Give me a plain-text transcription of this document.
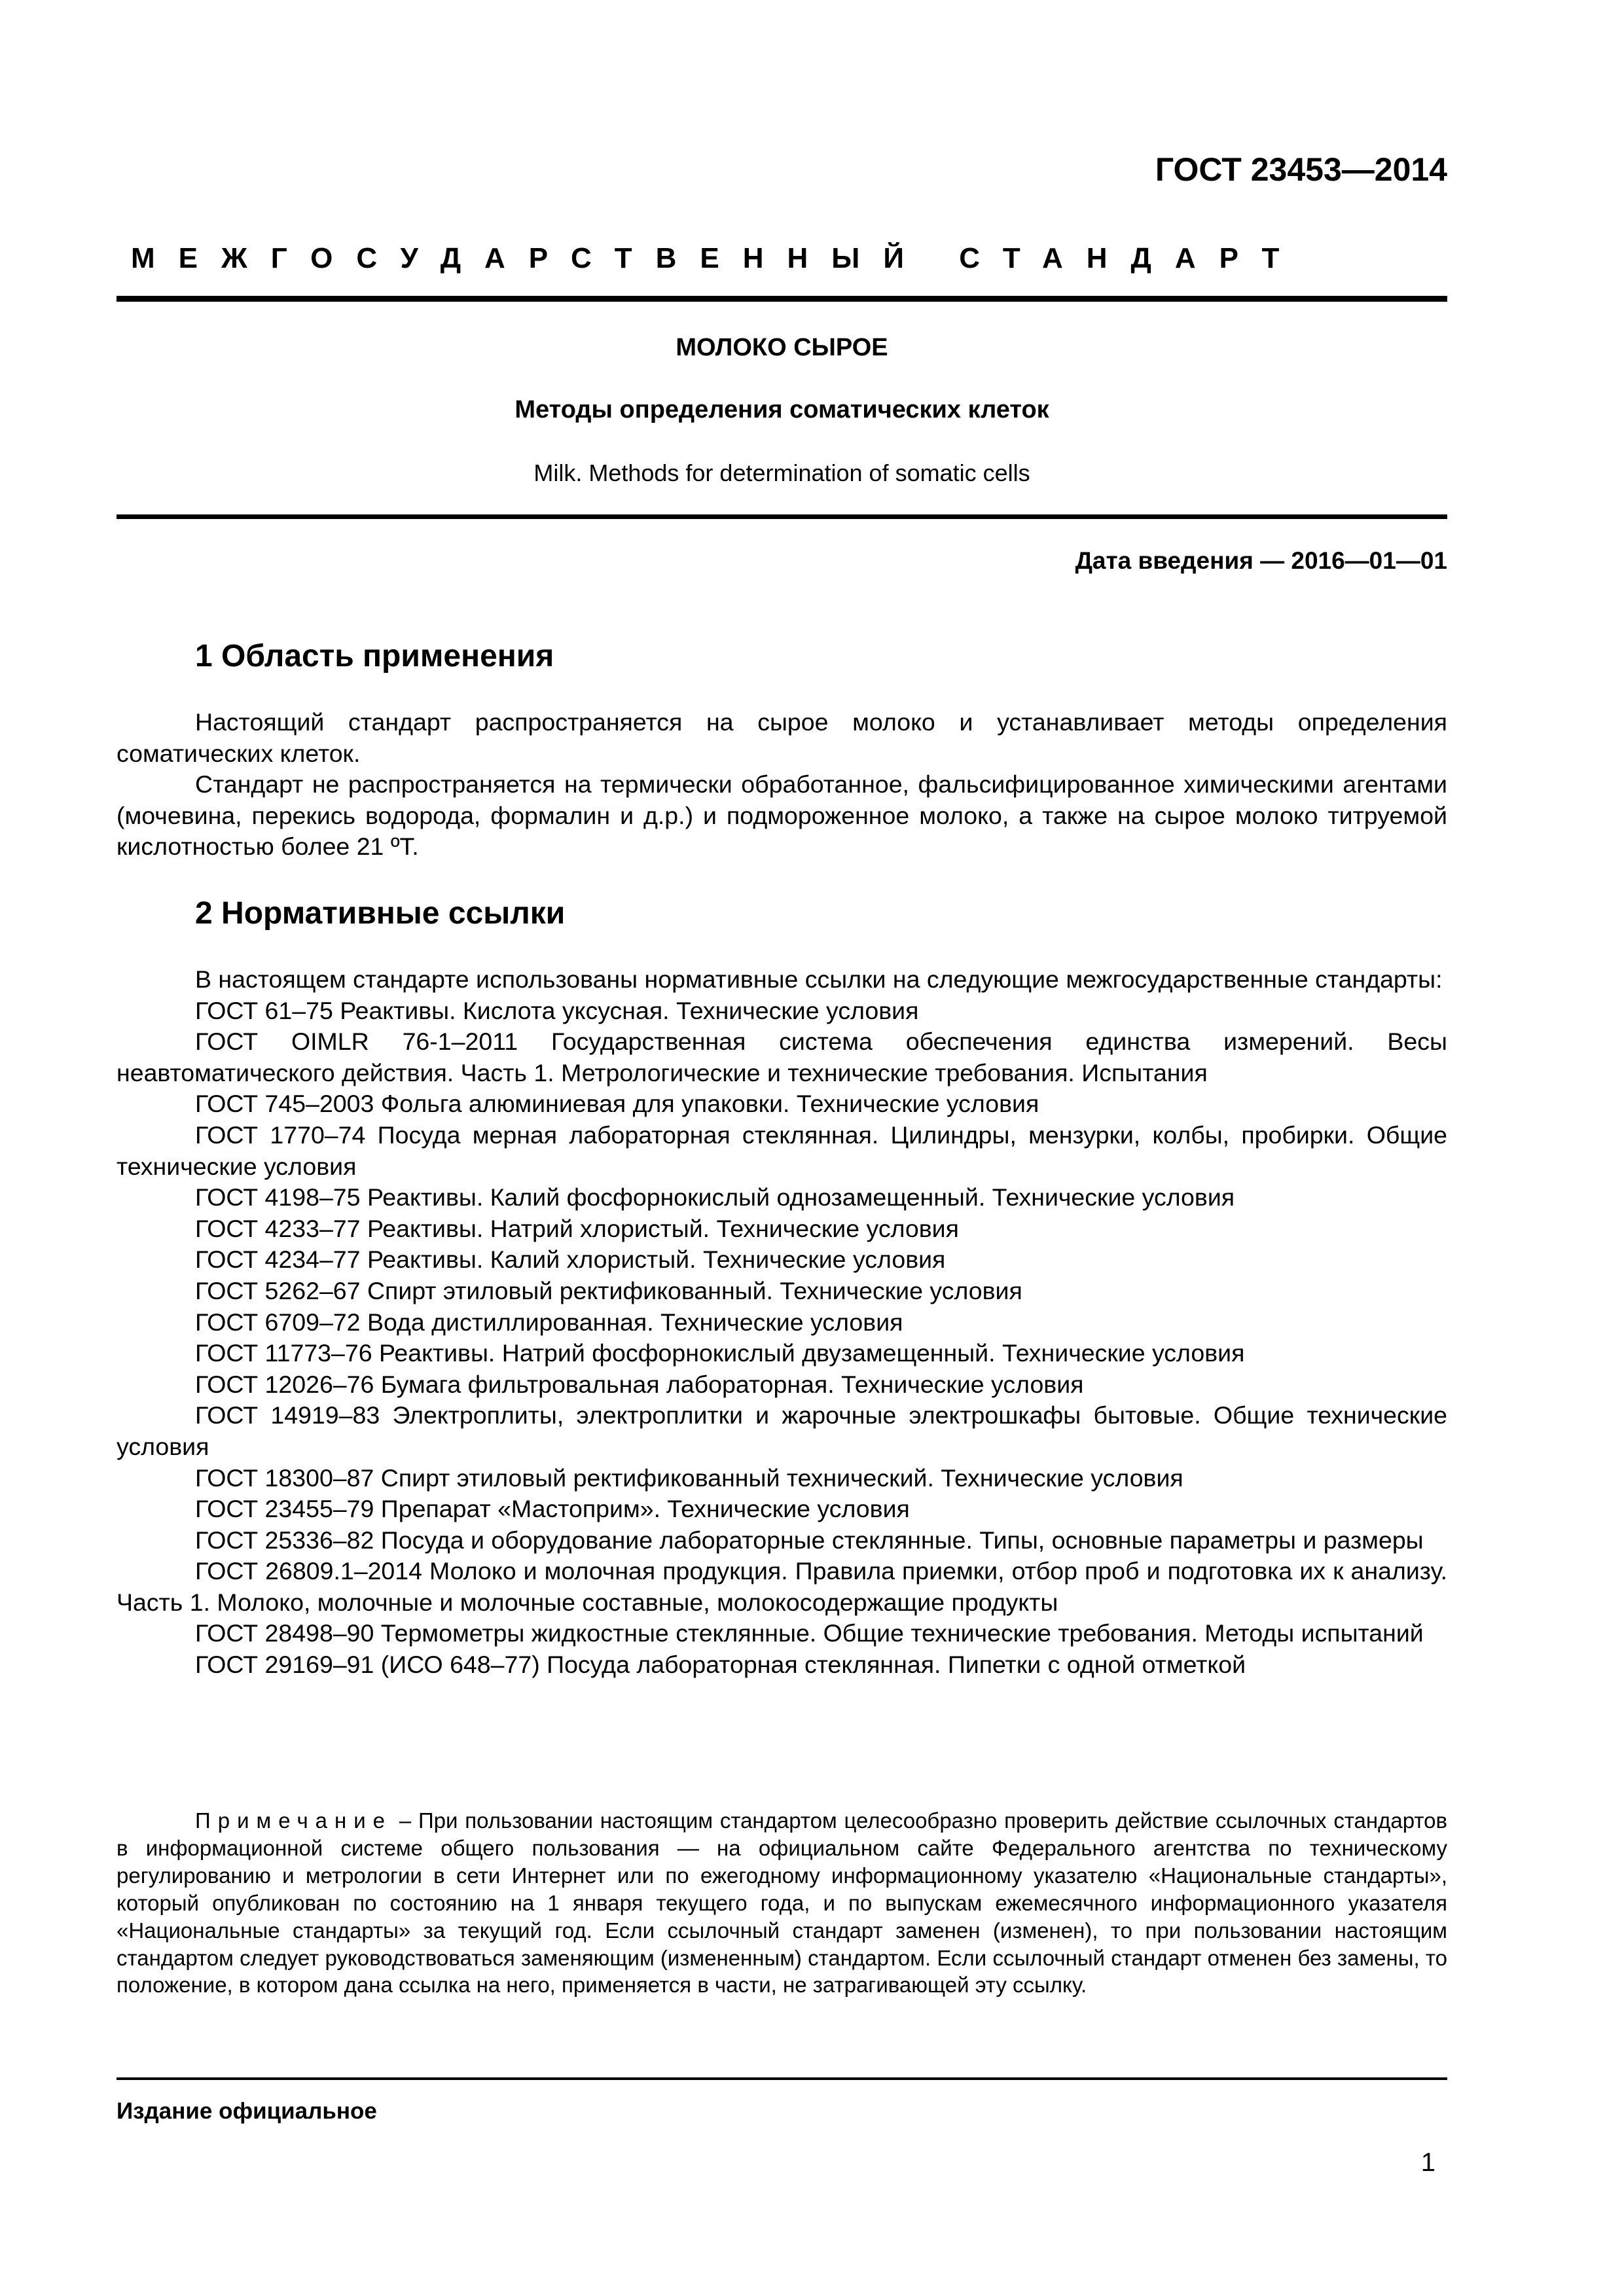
ГОСТ 23453—2014
МЕЖГОСУДАРСТВЕННЫЙ СТАНДАРТ
МОЛОКО СЫРОЕ
Методы определения соматических клеток
Milk. Methods for determination of somatic cells
Дата введения — 2016—01—01
1 Область применения

Настоящий стандарт распространяется на сырое молоко и устанавливает методы определения соматических клеток.

Стандарт не распространяется на термически обработанное, фальсифицированное химическими агентами (мочевина, перекись водорода, формалин и д.р.) и подмороженное молоко, а также на сырое молоко титруемой кислотностью более 21 ºТ.

2 Нормативные ссылки

В настоящем стандарте использованы нормативные ссылки на следующие межгосударственные стандарты:

ГОСТ 61–75 Реактивы. Кислота уксусная. Технические условия

ГОСТ OIMLR 76-1–2011 Государственная система обеспечения единства измерений. Весы неавтоматического действия. Часть 1. Метрологические и технические требования. Испытания

ГОСТ 745–2003 Фольга алюминиевая для упаковки. Технические условия

ГОСТ 1770–74 Посуда мерная лабораторная стеклянная. Цилиндры, мензурки, колбы, пробирки. Общие технические условия

ГОСТ 4198–75 Реактивы. Калий фосфорнокислый однозамещенный. Технические условия

ГОСТ 4233–77 Реактивы. Натрий хлористый. Технические условия

ГОСТ 4234–77 Реактивы. Калий хлористый. Технические условия

ГОСТ 5262–67 Спирт этиловый ректификованный. Технические условия

ГОСТ 6709–72 Вода дистиллированная. Технические условия

ГОСТ 11773–76 Реактивы. Натрий фосфорнокислый двузамещенный. Технические условия

ГОСТ 12026–76 Бумага фильтровальная лабораторная. Технические условия

ГОСТ 14919–83 Электроплиты, электроплитки и жарочные электрошкафы бытовые. Общие технические условия

ГОСТ 18300–87 Спирт этиловый ректификованный технический. Технические условия

ГОСТ 23455–79 Препарат «Мастоприм». Технические условия

ГОСТ 25336–82 Посуда и оборудование лабораторные стеклянные. Типы, основные параметры и размеры

ГОСТ 26809.1–2014 Молоко и молочная продукция. Правила приемки, отбор проб и подготовка их к анализу. Часть 1. Молоко, молочные и молочные составные, молокосодержащие продукты

ГОСТ 28498–90 Термометры жидкостные стеклянные. Общие технические требования. Методы испытаний

ГОСТ 29169–91 (ИСО 648–77) Посуда лабораторная стеклянная. Пипетки с одной отметкой

Примечание – При пользовании настоящим стандартом целесообразно проверить действие ссылочных стандартов в информационной системе общего пользования — на официальном сайте Федерального агентства по техническому регулированию и метрологии в сети Интернет или по ежегодному информационному указателю «Национальные стандарты», который опубликован по состоянию на 1 января текущего года, и по выпускам ежемесячного информационного указателя «Национальные стандарты» за текущий год. Если ссылочный стандарт заменен (изменен), то при пользовании настоящим стандартом следует руководствоваться заменяющим (измененным) стандартом. Если ссылочный стандарт отменен без замены, то положение, в котором дана ссылка на него, применяется в части, не затрагивающей эту ссылку.

Издание официальное
1
